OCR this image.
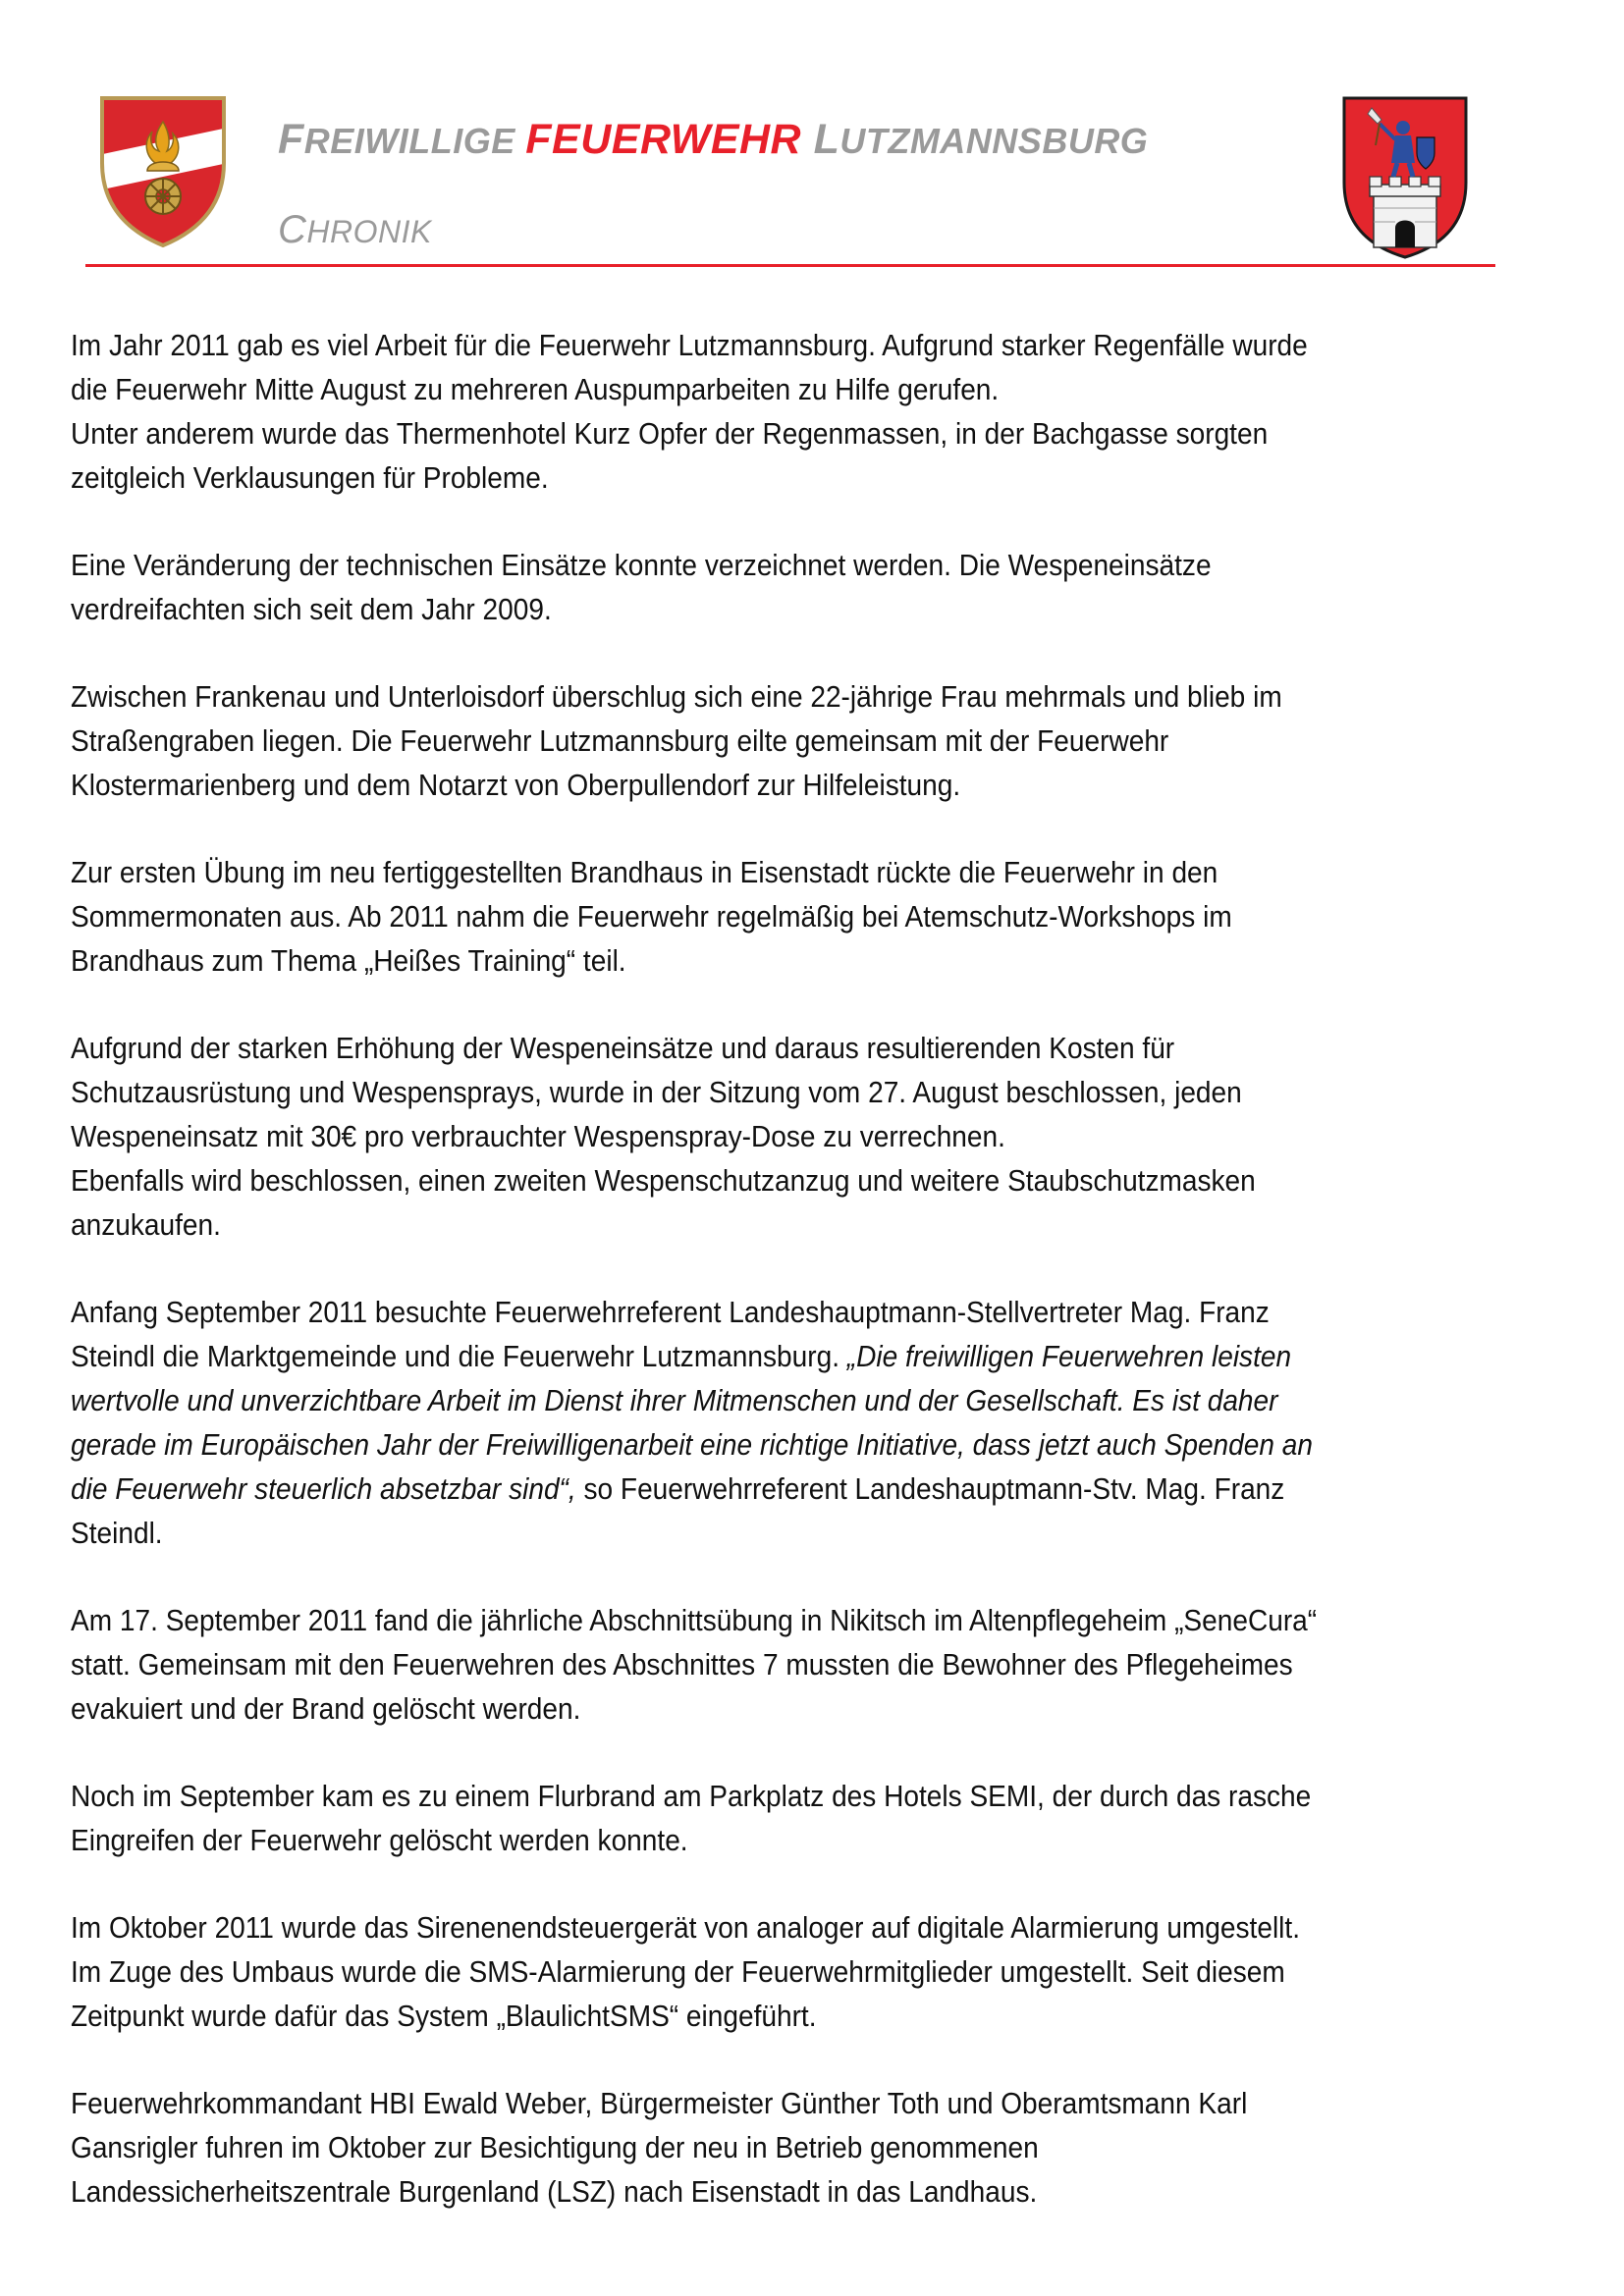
FREIWILLIGE FEUERWEHR LUTZMANNSBURG
CHRONIK

Im Jahr 2011 gab es viel Arbeit für die Feuerwehr Lutzmannsburg. Aufgrund starker Regenfälle wurde
die Feuerwehr Mitte August zu mehreren Auspumparbeiten zu Hilfe gerufen.
Unter anderem wurde das Thermenhotel Kurz Opfer der Regenmassen, in der Bachgasse sorgten
zeitgleich Verklausungen für Probleme.

Eine Veränderung der technischen Einsätze konnte verzeichnet werden. Die Wespeneinsätze
verdreifachten sich seit dem Jahr 2009.

Zwischen Frankenau und Unterloisdorf überschlug sich eine 22-jährige Frau mehrmals und blieb im
Straßengraben liegen. Die Feuerwehr Lutzmannsburg eilte gemeinsam mit der Feuerwehr
Klostermarienberg und dem Notarzt von Oberpullendorf zur Hilfeleistung.

Zur ersten Übung im neu fertiggestellten Brandhaus in Eisenstadt rückte die Feuerwehr in den
Sommermonaten aus. Ab 2011 nahm die Feuerwehr regelmäßig bei Atemschutz-Workshops im
Brandhaus zum Thema „Heißes Training“ teil.

Aufgrund der starken Erhöhung der Wespeneinsätze und daraus resultierenden Kosten für
Schutzausrüstung und Wespensprays, wurde in der Sitzung vom 27. August beschlossen, jeden
Wespeneinsatz mit 30€ pro verbrauchter Wespenspray-Dose zu verrechnen.
Ebenfalls wird beschlossen, einen zweiten Wespenschutzanzug und weitere Staubschutzmasken
anzukaufen.

Anfang September 2011 besuchte Feuerwehrreferent Landeshauptmann-Stellvertreter Mag. Franz
Steindl die Marktgemeinde und die Feuerwehr Lutzmannsburg. „Die freiwilligen Feuerwehren leisten
wertvolle und unverzichtbare Arbeit im Dienst ihrer Mitmenschen und der Gesellschaft. Es ist daher
gerade im Europäischen Jahr der Freiwilligenarbeit eine richtige Initiative, dass jetzt auch Spenden an
die Feuerwehr steuerlich absetzbar sind“, so Feuerwehrreferent Landeshauptmann-Stv. Mag. Franz
Steindl.

Am 17. September 2011 fand die jährliche Abschnittsübung in Nikitsch im Altenpflegeheim „SeneCura“
statt. Gemeinsam mit den Feuerwehren des Abschnittes 7 mussten die Bewohner des Pflegeheimes
evakuiert und der Brand gelöscht werden.

Noch im September kam es zu einem Flurbrand am Parkplatz des Hotels SEMI, der durch das rasche
Eingreifen der Feuerwehr gelöscht werden konnte.

Im Oktober 2011 wurde das Sirenenendsteuergerät von analoger auf digitale Alarmierung umgestellt.
Im Zuge des Umbaus wurde die SMS-Alarmierung der Feuerwehrmitglieder umgestellt. Seit diesem
Zeitpunkt wurde dafür das System „BlaulichtSMS“ eingeführt.

Feuerwehrkommandant HBI Ewald Weber, Bürgermeister Günther Toth und Oberamtsmann Karl
Gansrigler fuhren im Oktober zur Besichtigung der neu in Betrieb genommenen
Landessicherheitszentrale Burgenland (LSZ) nach Eisenstadt in das Landhaus.
